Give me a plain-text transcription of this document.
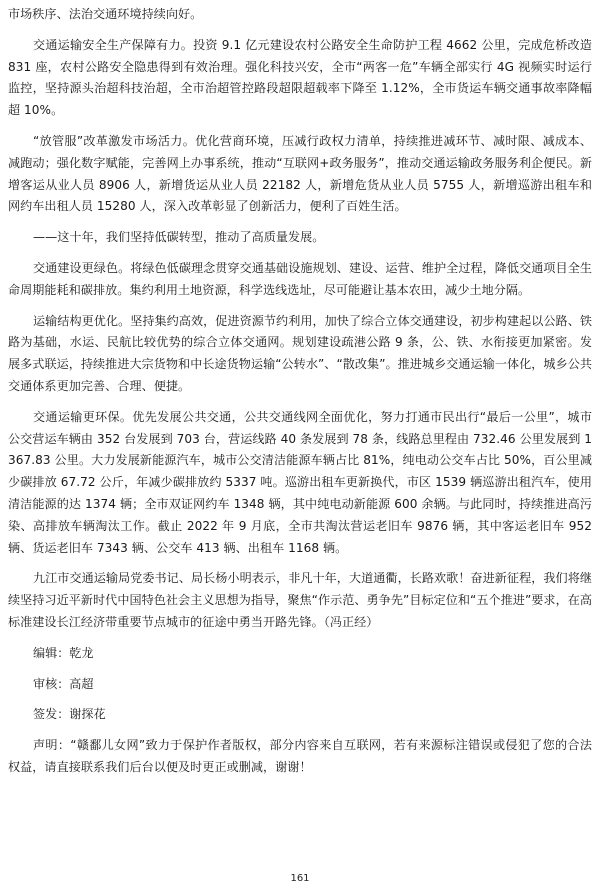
市场秩序、法治交通环境持续向好。

交通运输安全生产保障有力。投资 9.1 亿元建设农村公路安全生命防护工程 4662 公里，完成危桥改造 831 座，农村公路安全隐患得到有效治理。强化科技兴安，全市“两客一危”车辆全部实行 4G 视频实时运行监控，坚持源头治超科技治超，全市治超管控路段超限超载率下降至 1.12%，全市货运车辆交通事故率降幅超 10%。

“放管服”改革激发市场活力。优化营商环境，压减行政权力清单，持续推进减环节、减时限、减成本、减跑动；强化数字赋能，完善网上办事系统，推动“互联网+政务服务”，推动交通运输政务服务利企便民。新增客运从业人员 8906 人，新增货运从业人员 22182 人，新增危货从业人员 5755 人，新增巡游出租车和网约车出租人员 15280 人，深入改革彰显了创新活力，便利了百姓生活。

——这十年，我们坚持低碳转型，推动了高质量发展。

交通建设更绿色。将绿色低碳理念贯穿交通基础设施规划、建设、运营、维护全过程，降低交通项目全生命周期能耗和碳排放。集约利用土地资源，科学选线选址，尽可能避让基本农田，减少土地分隔。

运输结构更优化。坚持集约高效，促进资源节约利用，加快了综合立体交通建设，初步构建起以公路、铁路为基础，水运、民航比较优势的综合立体交通网。规划建设疏港公路 9 条，公、铁、水衔接更加紧密。发展多式联运，持续推进大宗货物和中长途货物运输“公转水”、“散改集”。推进城乡交通运输一体化，城乡公共交通体系更加完善、合理、便捷。

交通运输更环保。优先发展公共交通，公共交通线网全面优化，努力打通市民出行“最后一公里”，城市公交营运车辆由 352 台发展到 703 台，营运线路 40 条发展到 78 条，线路总里程由 732.46 公里发展到 1367.83 公里。大力发展新能源汽车，城市公交清洁能源车辆占比 81%，纯电动公交车占比 50%，百公里减少碳排放 67.72 公斤，年减少碳排放约 5337 吨。巡游出租车更新换代，市区 1539 辆巡游出租汽车，使用清洁能源的达 1374 辆；全市双证网约车 1348 辆，其中纯电动新能源 600 余辆。与此同时，持续推进高污染、高排放车辆淘汰工作。截止 2022 年 9 月底，全市共淘汰营运老旧车 9876 辆，其中客运老旧车 952 辆、货运老旧车 7343 辆、公交车 413 辆、出租车 1168 辆。

九江市交通运输局党委书记、局长杨小明表示，非凡十年，大道通衢，长路欢歌！奋进新征程，我们将继续坚持习近平新时代中国特色社会主义思想为指导，聚焦“作示范、勇争先”目标定位和“五个推进”要求，在高标准建设长江经济带重要节点城市的征途中勇当开路先锋。（冯正经）

编辑：乾龙

审核：高超

签发：谢探花

声明：“赣鄱儿女网”致力于保护作者版权，部分内容来自互联网，若有来源标注错误或侵犯了您的合法权益，请直接联系我们后台以便及时更正或删减，谢谢！

161
